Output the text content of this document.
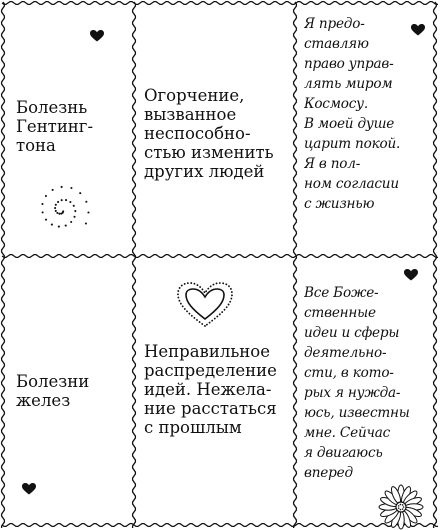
Болезнь
Гентинг-
тона
Огорчение,
вызванное
неспособно-
стью изменить
других людей
Я предо-
ставляю
право управ-
лять миром
Космосу.
В моей душе
царит покой.
Я в пол-
ном согласии
с жизнью
Болезни
желез
Неправильное
распределение
идей. Нежела-
ние расстаться
с прошлым
Все Боже-
ственные
идеи и сферы
деятельно-
сти, в кото-
рых я нужда-
юсь, известны
мне. Сейчас
я двигаюсь
вперед
